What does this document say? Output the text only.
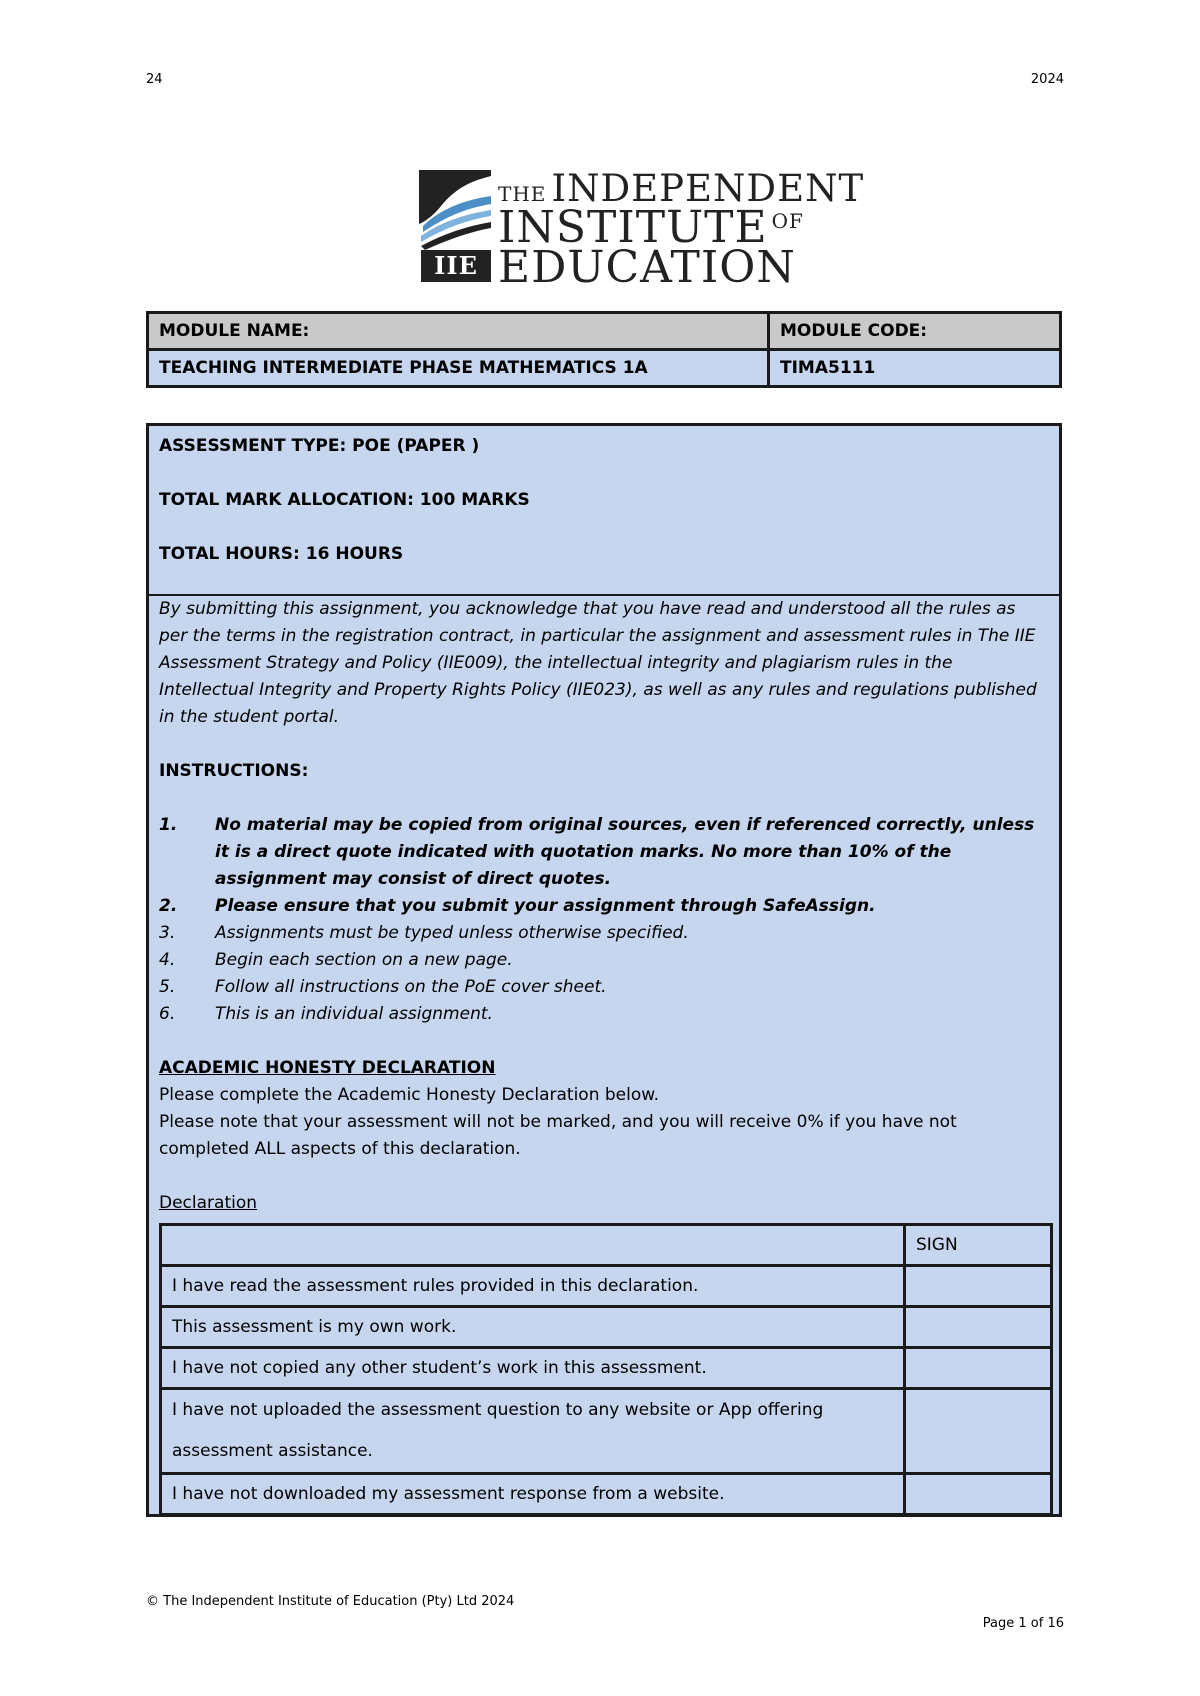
24	2024
IIE
THE INDEPENDENT
INSTITUTE $^{OF}$
EDUCATION
MODULE NAME:	MODULE CODE:
TEACHING INTERMEDIATE PHASE MATHEMATICS 1A	TIMA5111
ASSESSMENT TYPE: POE (PAPER )
TOTAL MARK ALLOCATION: 100 MARKS
TOTAL HOURS: 16 HOURS

By submitting this assignment, you acknowledge that you have read and understood all the rules as per the terms in the registration contract, in particular the assignment and assessment rules in The IIE Assessment Strategy and Policy (IIE009), the intellectual integrity and plagiarism rules in the Intellectual Integrity and Property Rights Policy (IIE023), as well as any rules and regulations published in the student portal.

INSTRUCTIONS:

1.	No material may be copied from original sources, even if referenced correctly, unless it is a direct quote indicated with quotation marks. No more than 10% of the assignment may consist of direct quotes.
2.	Please ensure that you submit your assignment through SafeAssign.
3.	Assignments must be typed unless otherwise specified.
4.	Begin each section on a new page.
5.	Follow all instructions on the PoE cover sheet.
6.	This is an individual assignment.

ACADEMIC HONESTY DECLARATION

Please complete the Academic Honesty Declaration below.

Please note that your assessment will not be marked, and you will receive 0% if you have not completed ALL aspects of this declaration.

Declaration

	SIGN
I have read the assessment rules provided in this declaration.	
This assessment is my own work.	
I have not copied any other student’s work in this assessment.	
I have not uploaded the assessment question to any website or App offering assessment assistance.	
I have not downloaded my assessment response from a website.	
© The Independent Institute of Education (Pty) Ltd 2024
Page 1 of 16
